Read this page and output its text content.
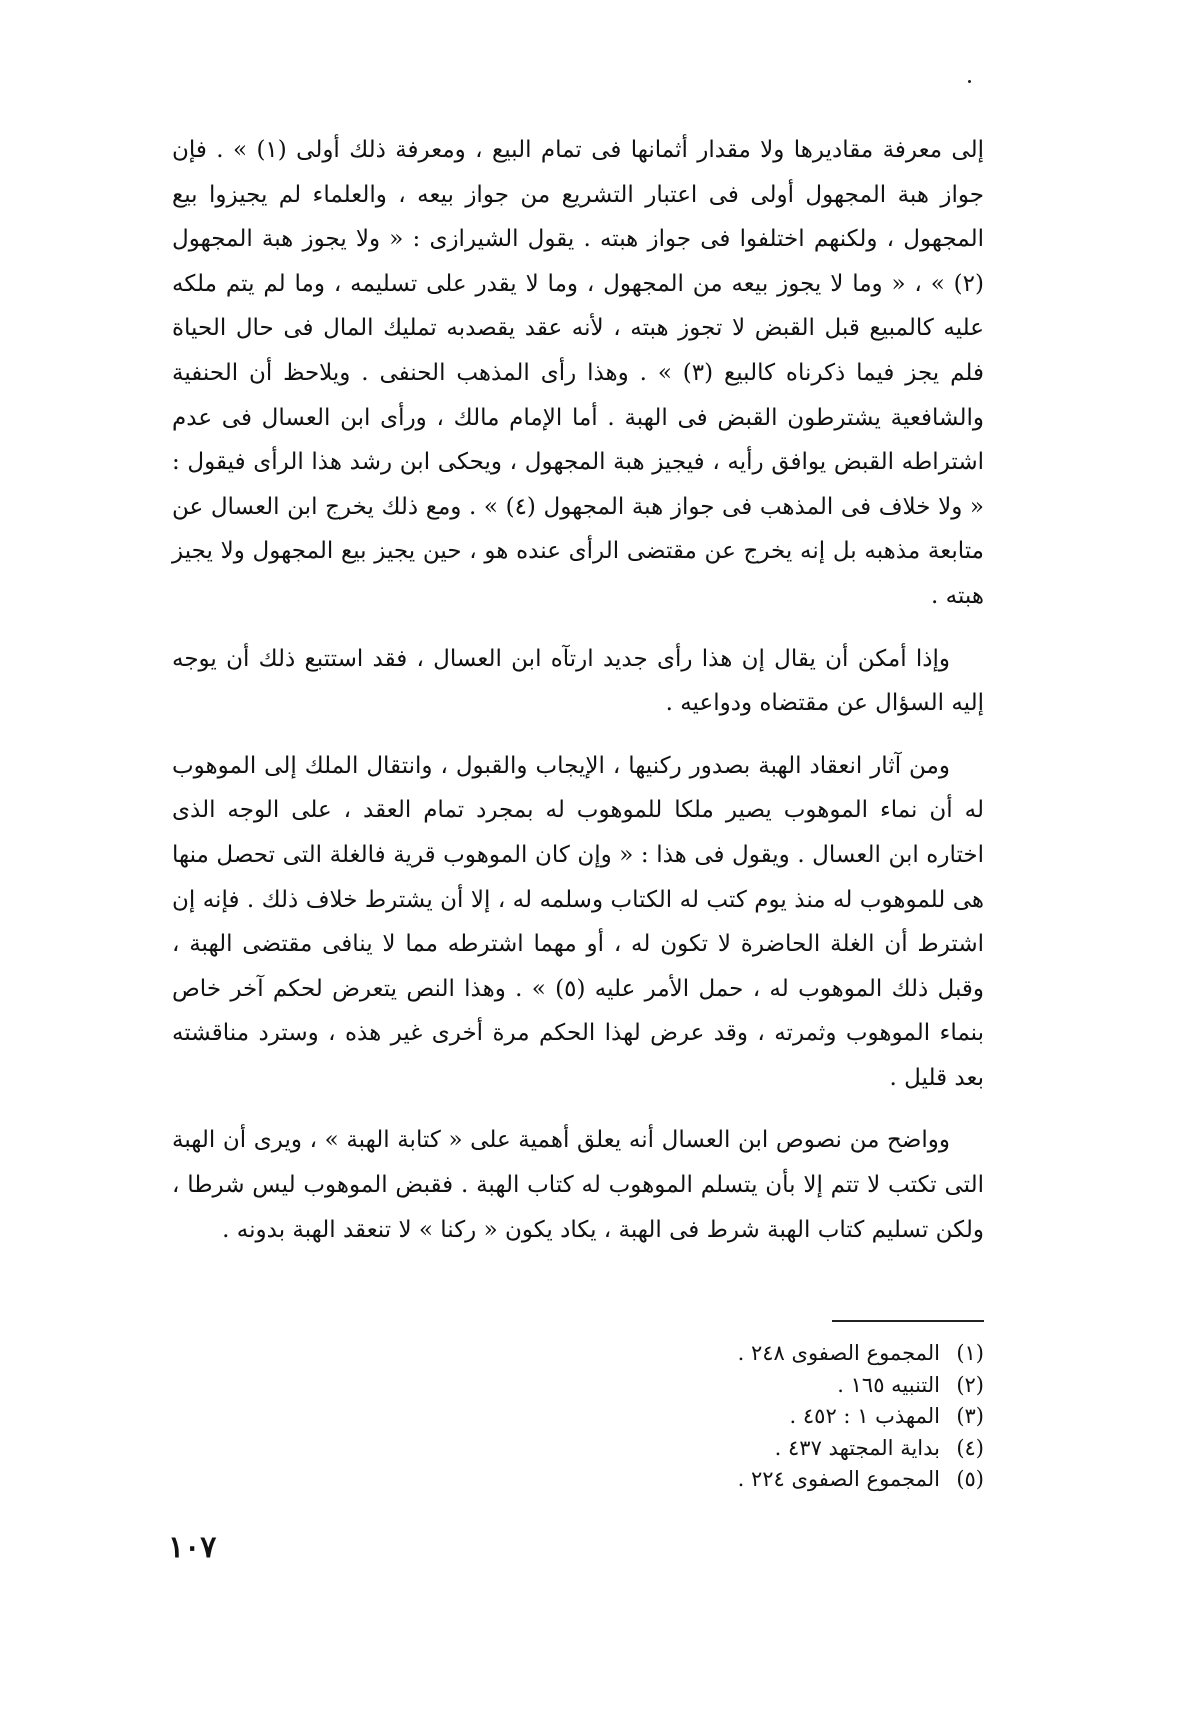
إلى معرفة مقاديرها ولا مقدار أثمانها فى تمام البيع ، ومعرفة ذلك أولى (١) » . فإن جواز هبة المجهول أولى فى اعتبار التشريع من جواز بيعه ، والعلماء لم يجيزوا بيع المجهول ، ولكنهم اختلفوا فى جواز هبته . يقول الشيرازى : « ولا يجوز هبة المجهول (٢) » ، « وما لا يجوز بيعه من المجهول ، وما لا يقدر على تسليمه ، وما لم يتم ملكه عليه كالمبيع قبل القبض لا تجوز هبته ، لأنه عقد يقصدبه تمليك المال فى حال الحياة فلم يجز فيما ذكرناه كالبيع (٣) » . وهذا رأى المذهب الحنفى . ويلاحظ أن الحنفية والشافعية يشترطون القبض فى الهبة . أما الإمام مالك ، ورأى ابن العسال فى عدم اشتراطه القبض يوافق رأيه ، فيجيز هبة المجهول ، ويحكى ابن رشد هذا الرأى فيقول : « ولا خلاف فى المذهب فى جواز هبة المجهول (٤) » . ومع ذلك يخرج ابن العسال عن متابعة مذهبه بل إنه يخرج عن مقتضى الرأى عنده هو ، حين يجيز بيع المجهول ولا يجيز هبته .

وإذا أمكن أن يقال إن هذا رأى جديد ارتآه ابن العسال ، فقد استتبع ذلك أن يوجه إليه السؤال عن مقتضاه ودواعيه .

ومن آثار انعقاد الهبة بصدور ركنيها ، الإيجاب والقبول ، وانتقال الملك إلى الموهوب له أن نماء الموهوب يصير ملكا للموهوب له بمجرد تمام العقد ، على الوجه الذى اختاره ابن العسال . ويقول فى هذا : « وإن كان الموهوب قرية فالغلة التى تحصل منها هى للموهوب له منذ يوم كتب له الكتاب وسلمه له ، إلا أن يشترط خلاف ذلك . فإنه إن اشترط أن الغلة الحاضرة لا تكون له ، أو مهما اشترطه مما لا ينافى مقتضى الهبة ، وقبل ذلك الموهوب له ، حمل الأمر عليه (٥) » . وهذا النص يتعرض لحكم آخر خاص بنماء الموهوب وثمرته ، وقد عرض لهذا الحكم مرة أخرى غير هذه ، وسترد مناقشته بعد قليل .

وواضح من نصوص ابن العسال أنه يعلق أهمية على « كتابة الهبة » ، ويرى أن الهبة التى تكتب لا تتم إلا بأن يتسلم الموهوب له كتاب الهبة . فقبض الموهوب ليس شرطا ، ولكن تسليم كتاب الهبة شرط فى الهبة ، يكاد يكون « ركنا » لا تنعقد الهبة بدونه .

(١)المجموع الصفوى ٢٤٨ .
(٢)التنبيه ١٦٥ .
(٣)المهذب ١ : ٤٥٢ .
(٤)بداية المجتهد ٤٣٧ .
(٥)المجموع الصفوى ٢٢٤ .
١٠٧
